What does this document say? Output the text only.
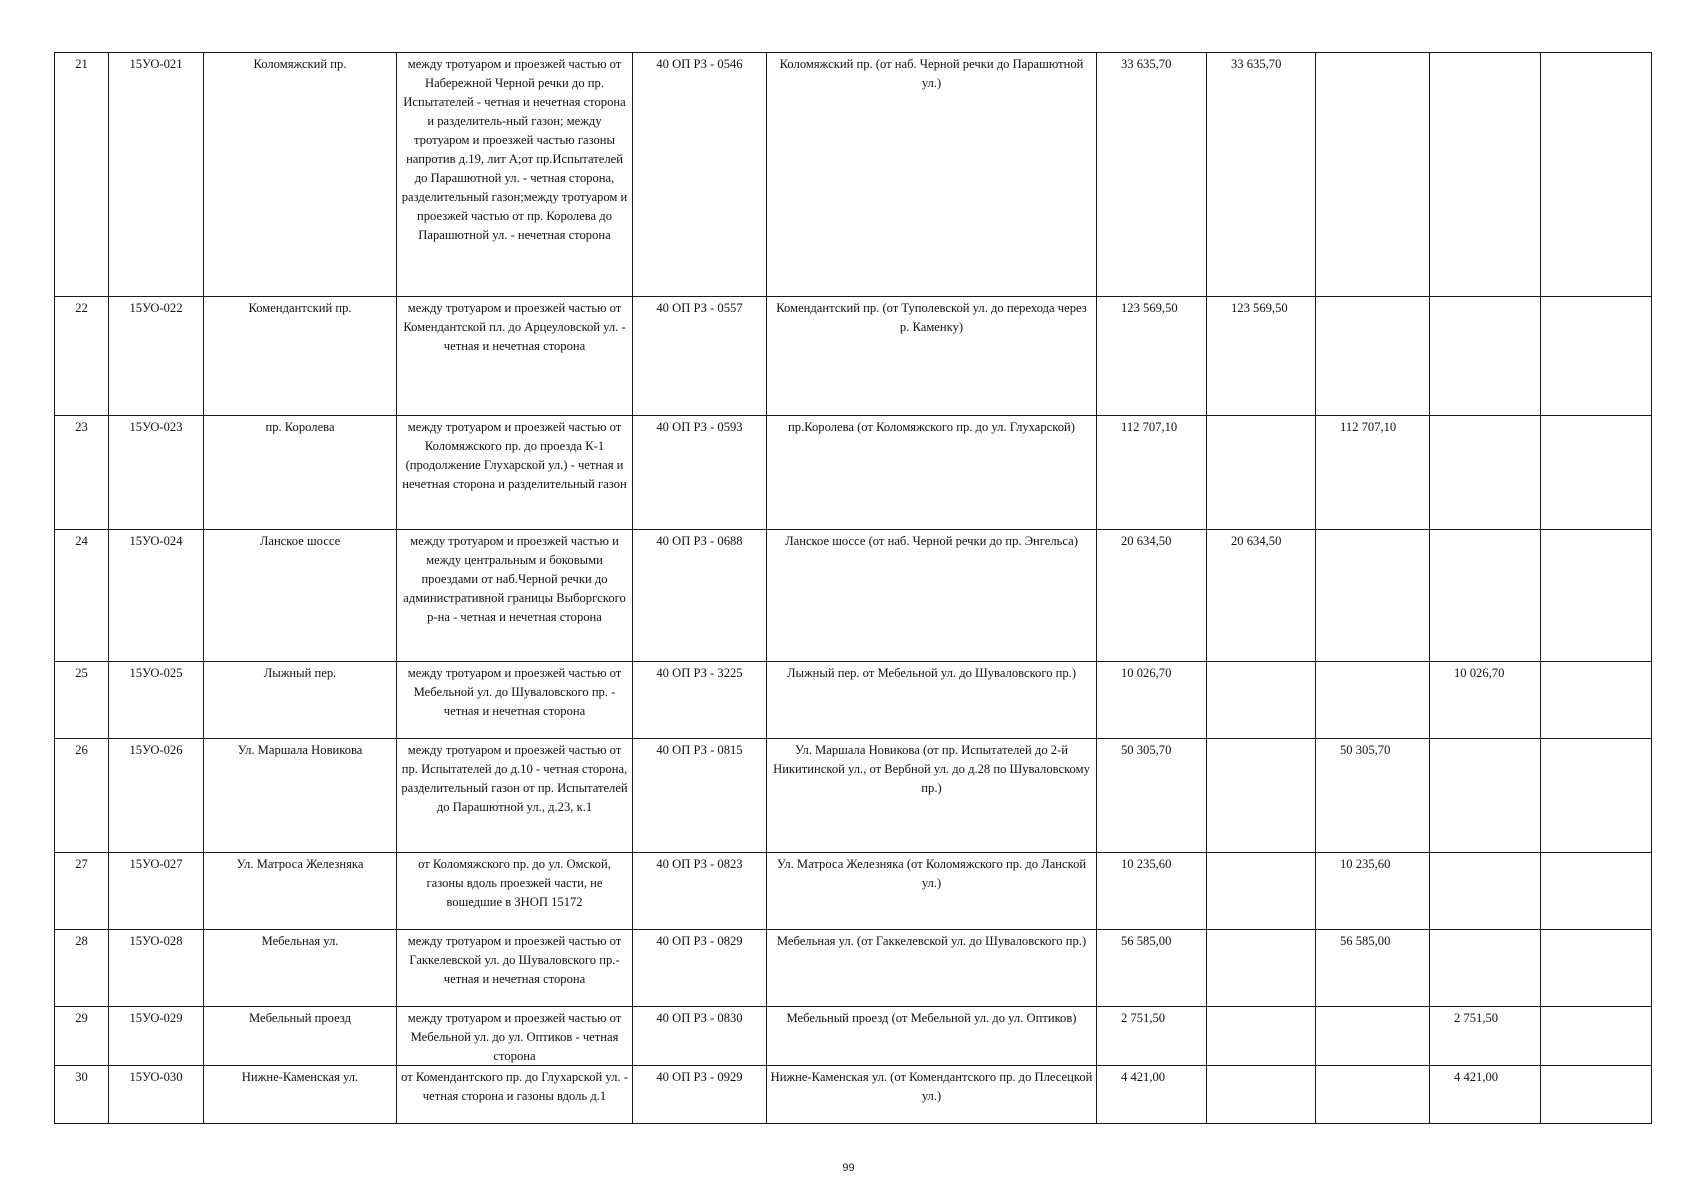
21	15УО-021	Коломяжский пр.	между тротуаром и проезжей частью от Набережной Черной речки до пр. Испытателей - четная и нечетная сторона и разделитель-ный газон; между тротуаром и проезжей частью газоны напротив д.19, лит А;от пр.Испытателей до Парашютной ул. - четная сторона, разделительный газон;между тротуаром и проезжей частью от пр. Королева до Парашютной ул. - нечетная сторона	40 ОП РЗ - 0546	Коломяжский пр. (от наб. Черной речки до Парашютной ул.)	33 635,70	33 635,70			

22	15УО-022	Комендантский пр.	между тротуаром и проезжей частью от Комендантской пл. до Арцеуловской ул. - четная и нечетная сторона	40 ОП РЗ - 0557	Комендантский пр. (от Туполевской ул. до перехода через р. Каменку)	123 569,50	123 569,50			

23	15УО-023	пр. Королева	между тротуаром и проезжей частью от Коломяжского пр. до проезда К-1 (продолжение Глухарской ул.) - четная и нечетная сторона и разделительный газон	40 ОП РЗ - 0593	пр.Королева (от Коломяжского пр. до ул. Глухарской)	112 707,10		112 707,10		

24	15УО-024	Ланское шоссе	между тротуаром и проезжей частью и между центральным и боковыми проездами от наб.Черной речки до административной границы Выборгского р-на - четная и нечетная сторона	40 ОП РЗ - 0688	Ланское шоссе (от наб. Черной речки до пр. Энгельса)	20 634,50	20 634,50			

25	15УО-025	Лыжный пер.	между тротуаром и проезжей частью от Мебельной ул. до Шуваловского пр. - четная и нечетная сторона	40 ОП РЗ - 3225	Лыжный пер. от Мебельной ул. до Шуваловского пр.)	10 026,70			10 026,70	

26	15УО-026	Ул. Маршала Новикова	между тротуаром и проезжей частью от пр. Испытателей до д.10 - четная сторона, разделительный газон от пр. Испытателей до Парашютной ул., д.23, к.1	40 ОП РЗ - 0815	Ул. Маршала Новикова (от пр. Испытателей до 2-й Никитинской ул., от Вербной ул. до д.28 по Шуваловскому пр.)	50 305,70		50 305,70		

27	15УО-027	Ул. Матроса Железняка	от Коломяжского пр. до ул. Омской, газоны вдоль проезжей части, не вошедшие в ЗНОП 15172	40 ОП РЗ - 0823	Ул. Матроса Железняка (от Коломяжского пр. до Ланской ул.)	10 235,60		10 235,60		

28	15УО-028	Мебельная ул.	между тротуаром и проезжей частью от Гаккелевской ул. до Шуваловского пр.- четная и нечетная сторона	40 ОП РЗ - 0829	Мебельная ул. (от Гаккелевской ул. до Шуваловского пр.)	56 585,00		56 585,00		

29	15УО-029	Мебельный проезд	между тротуаром и проезжей частью от Мебельной ул. до ул. Оптиков - четная сторона	40 ОП РЗ - 0830	Мебельный проезд (от Мебельной ул. до ул. Оптиков)	2 751,50			2 751,50	

30	15УО-030	Нижне-Каменская ул.	от Комендантского пр. до Глухарской ул. - четная сторона и газоны вдоль д.1	40 ОП РЗ - 0929	Нижне-Каменская ул. (от Комендантского пр. до Плесецкой ул.)	4 421,00			4 421,00	

99
